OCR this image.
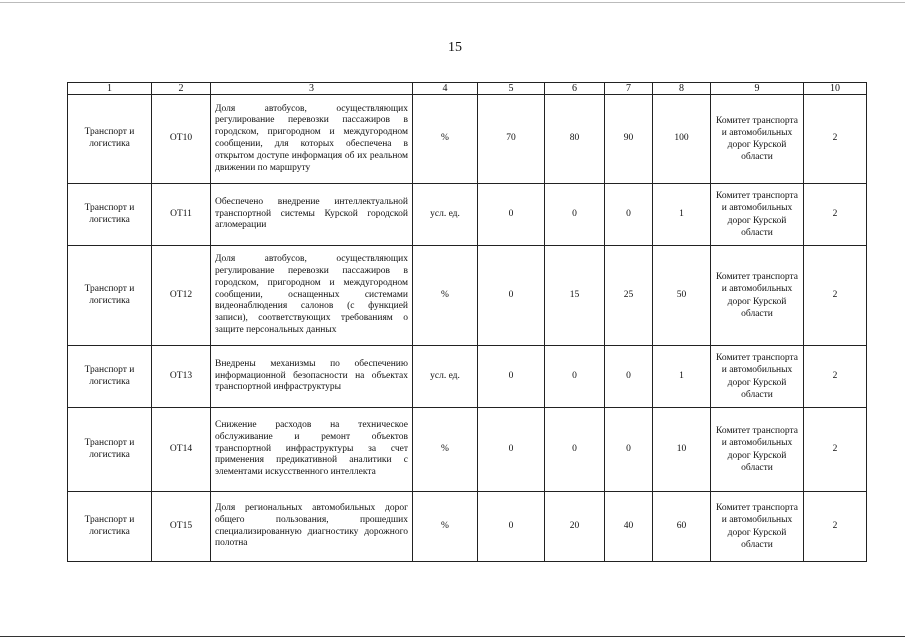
15
1	2	3	4	5	6	7	8	9	10
Транспорт и логистика	ОТ10	Доля автобусов, осуществляющих регулирование перевозки пассажиров в городском, пригородном и междугородном сообщении, для которых обеспечена в открытом доступе информация об их реальном движении по маршруту	%	70	80	90	100	Комитет транспорта и автомобильных дорог Курской области	2
Транспорт и логистика	ОТ11	Обеспечено внедрение интеллектуальной транспортной системы Курской городской агломерации	усл. ед.	0	0	0	1	Комитет транспорта и автомобильных дорог Курской области	2
Транспорт и логистика	ОТ12	Доля автобусов, осуществляющих регулирование перевозки пассажиров в городском, пригородном и междугородном сообщении, оснащенных системами видеонаблюдения салонов (с функцией записи), соответствующих требованиям о защите персональных данных	%	0	15	25	50	Комитет транспорта и автомобильных дорог Курской области	2
Транспорт и логистика	ОТ13	Внедрены механизмы по обеспечению информационной безопасности на объектах транспортной инфраструктуры	усл. ед.	0	0	0	1	Комитет транспорта и автомобильных дорог Курской области	2
Транспорт и логистика	ОТ14	Снижение расходов на техническое обслуживание и ремонт объектов транспортной инфраструктуры за счет применения предикативной аналитики с элементами искусственного интеллекта	%	0	0	0	10	Комитет транспорта и автомобильных дорог Курской области	2
Транспорт и логистика	ОТ15	Доля региональных автомобильных дорог общего пользования, прошедших специализированную диагностику дорожного полотна	%	0	20	40	60	Комитет транспорта и автомобильных дорог Курской области	2
